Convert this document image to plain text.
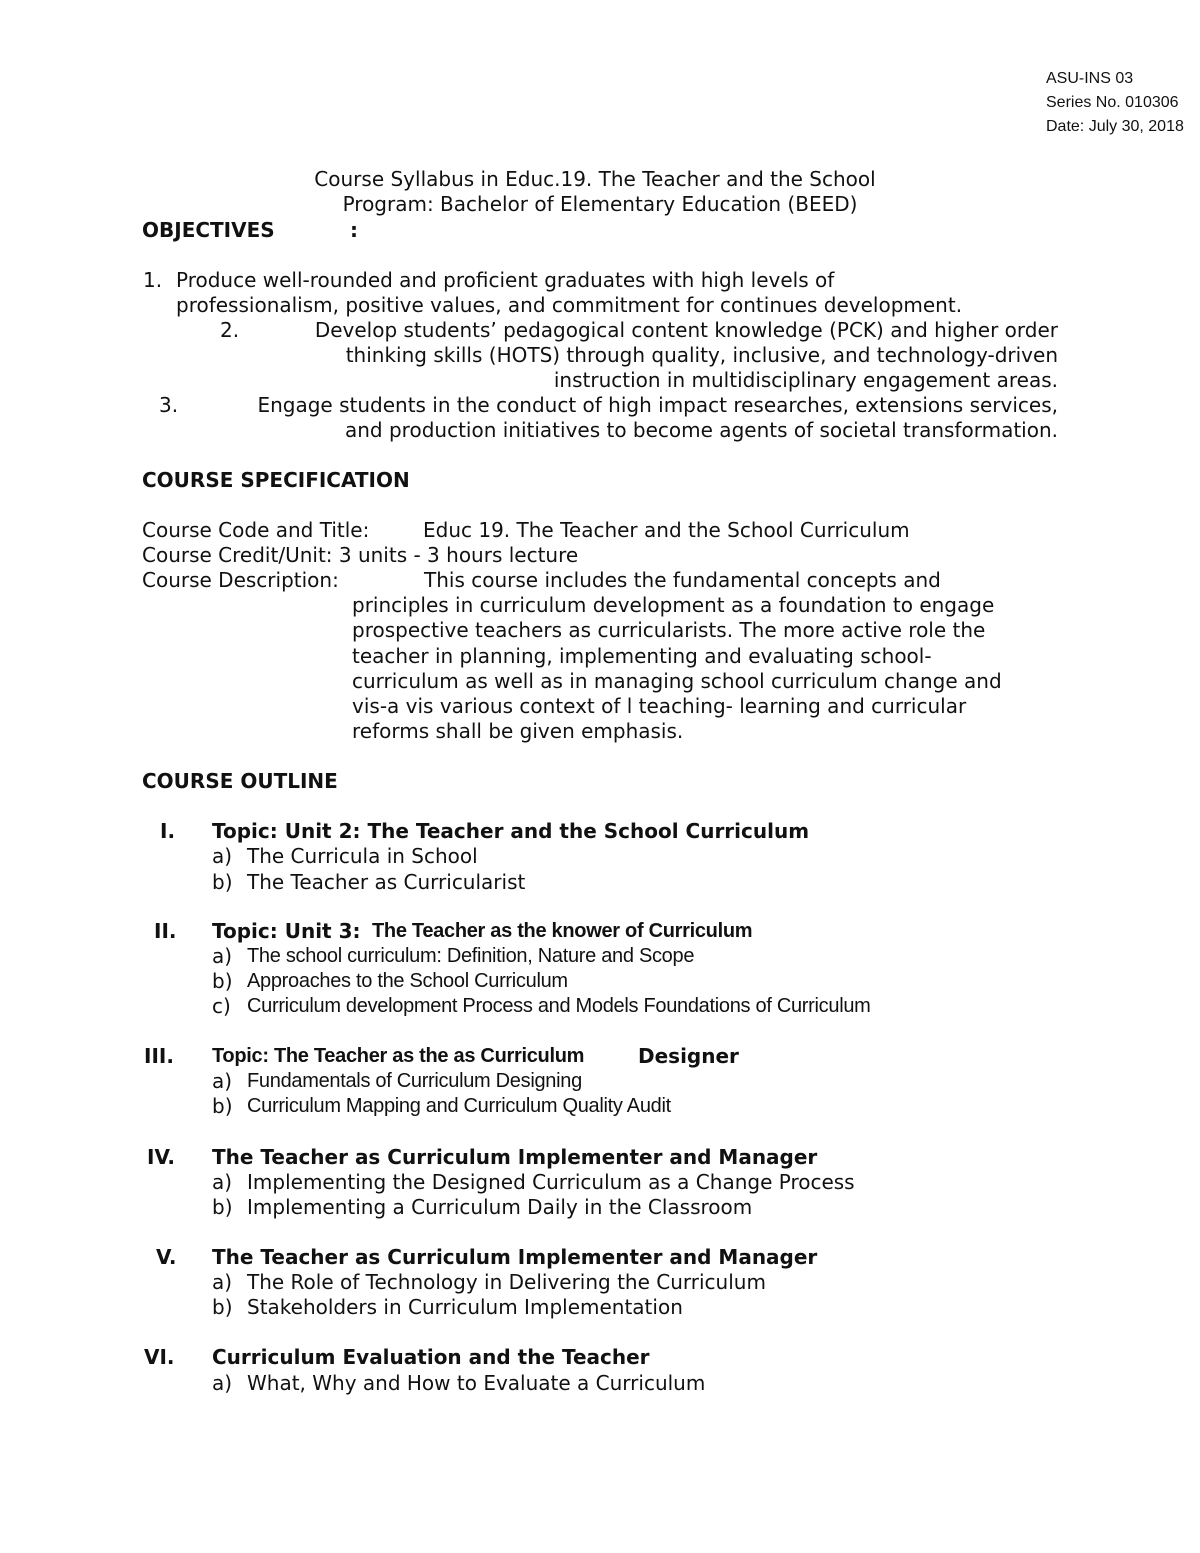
ASU-INS 03
Series No. 010306
Date: July 30, 2018
Course Syllabus in Educ.19. The Teacher and the School
Program: Bachelor of Elementary Education (BEED)
OBJECTIVES	:
1. Produce well-rounded and proficient graduates with high levels of
professionalism, positive values, and commitment for continues development.
2.	Develop students’ pedagogical content knowledge (PCK) and higher order
thinking skills (HOTS) through quality, inclusive, and technology-driven
instruction in multidisciplinary engagement areas.
3.	Engage students in the conduct of high impact researches, extensions services,
and production initiatives to become agents of societal transformation.
COURSE SPECIFICATION
Course Code and Title:	Educ 19. The Teacher and the School Curriculum
Course Credit/Unit: 3 units - 3 hours lecture
Course Description:	This course includes the fundamental concepts and
principles in curriculum development as a foundation to engage
prospective teachers as curricularists. The more active role the
teacher in planning, implementing and evaluating school-
curriculum as well as in managing school curriculum change and
vis-a vis various context of l teaching- learning and curricular
reforms shall be given emphasis.
COURSE OUTLINE
I. Topic: Unit 2: The Teacher and the School Curriculum
a) The Curricula in School
b) The Teacher as Curricularist
II. Topic: Unit 3: The Teacher as the knower of Curriculum
a) The school curriculum: Definition, Nature and Scope
b) Approaches to the School Curriculum
c) Curriculum development Process and Models Foundations of Curriculum
III. Topic: The Teacher as the as Curriculum	Designer
a) Fundamentals of Curriculum Designing
b) Curriculum Mapping and Curriculum Quality Audit
IV. The Teacher as Curriculum Implementer and Manager
a) Implementing the Designed Curriculum as a Change Process
b) Implementing a Curriculum Daily in the Classroom
V. The Teacher as Curriculum Implementer and Manager
a) The Role of Technology in Delivering the Curriculum
b) Stakeholders in Curriculum Implementation
VI. Curriculum Evaluation and the Teacher
a) What, Why and How to Evaluate a Curriculum
